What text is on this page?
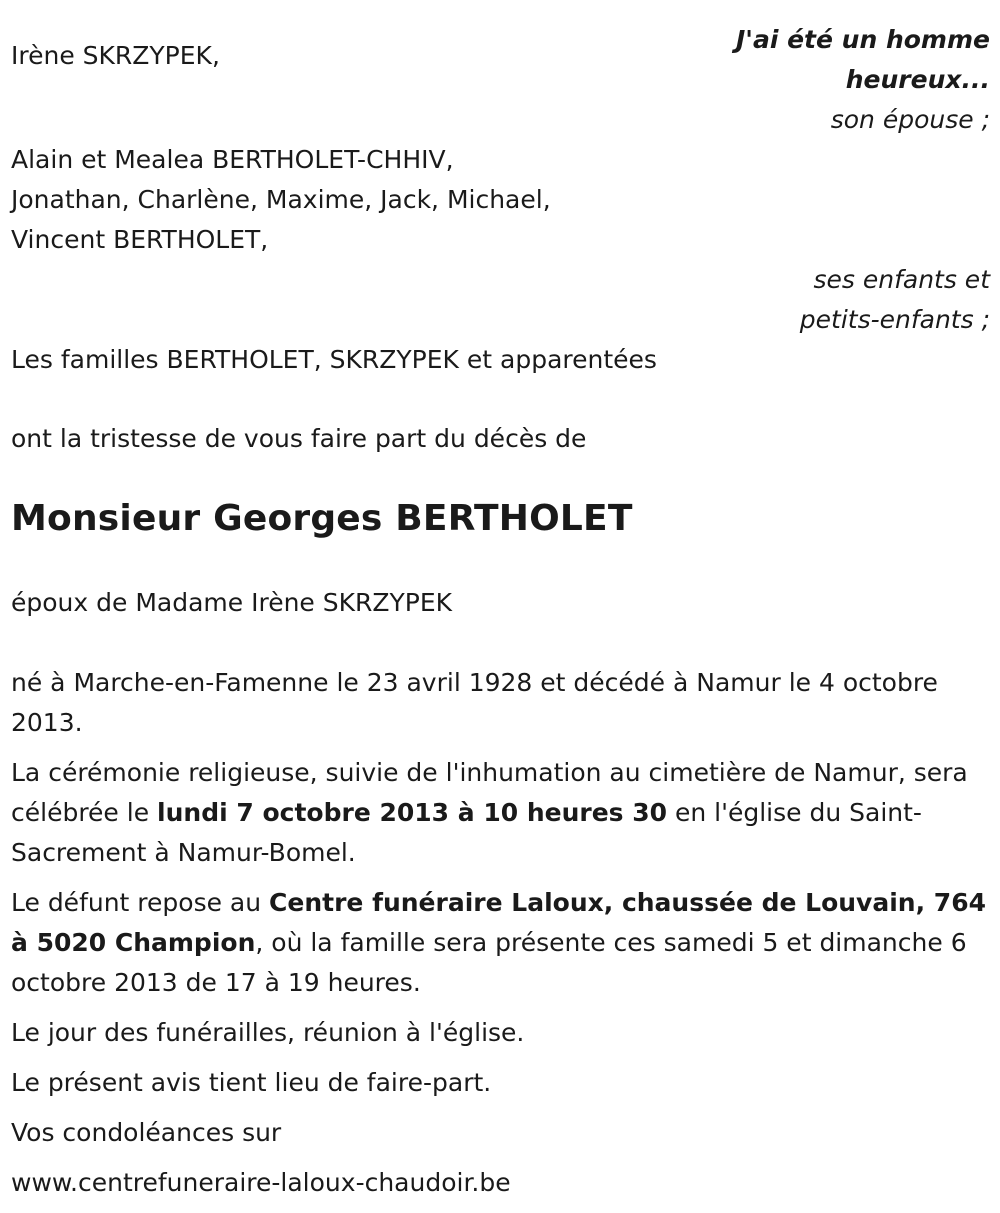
Irène SKRZYPEK,
J'ai été un homme
heureux...
son épouse ;
Alain et Mealea BERTHOLET-CHHIV,
Jonathan, Charlène, Maxime, Jack, Michael,
Vincent BERTHOLET,
ses enfants et
petits-enfants ;
Les familles BERTHOLET, SKRZYPEK et apparentées
ont la tristesse de vous faire part du décès de
Monsieur Georges BERTHOLET
époux de Madame Irène SKRZYPEK
né à Marche-en-Famenne le 23 avril 1928 et décédé à Namur le 4 octobre 2013.
La cérémonie religieuse, suivie de l'inhumation au cimetière de Namur, sera célébrée le lundi 7 octobre 2013 à 10 heures 30 en l'église du Saint-Sacrement à Namur-Bomel.
Le défunt repose au Centre funéraire Laloux, chaussée de Louvain, 764 à 5020 Champion, où la famille sera présente ces samedi 5 et dimanche 6 octobre 2013 de 17 à 19 heures.
Le jour des funérailles, réunion à l'église.
Le présent avis tient lieu de faire-part.
Vos condoléances sur
www.centrefuneraire-laloux-chaudoir.be
